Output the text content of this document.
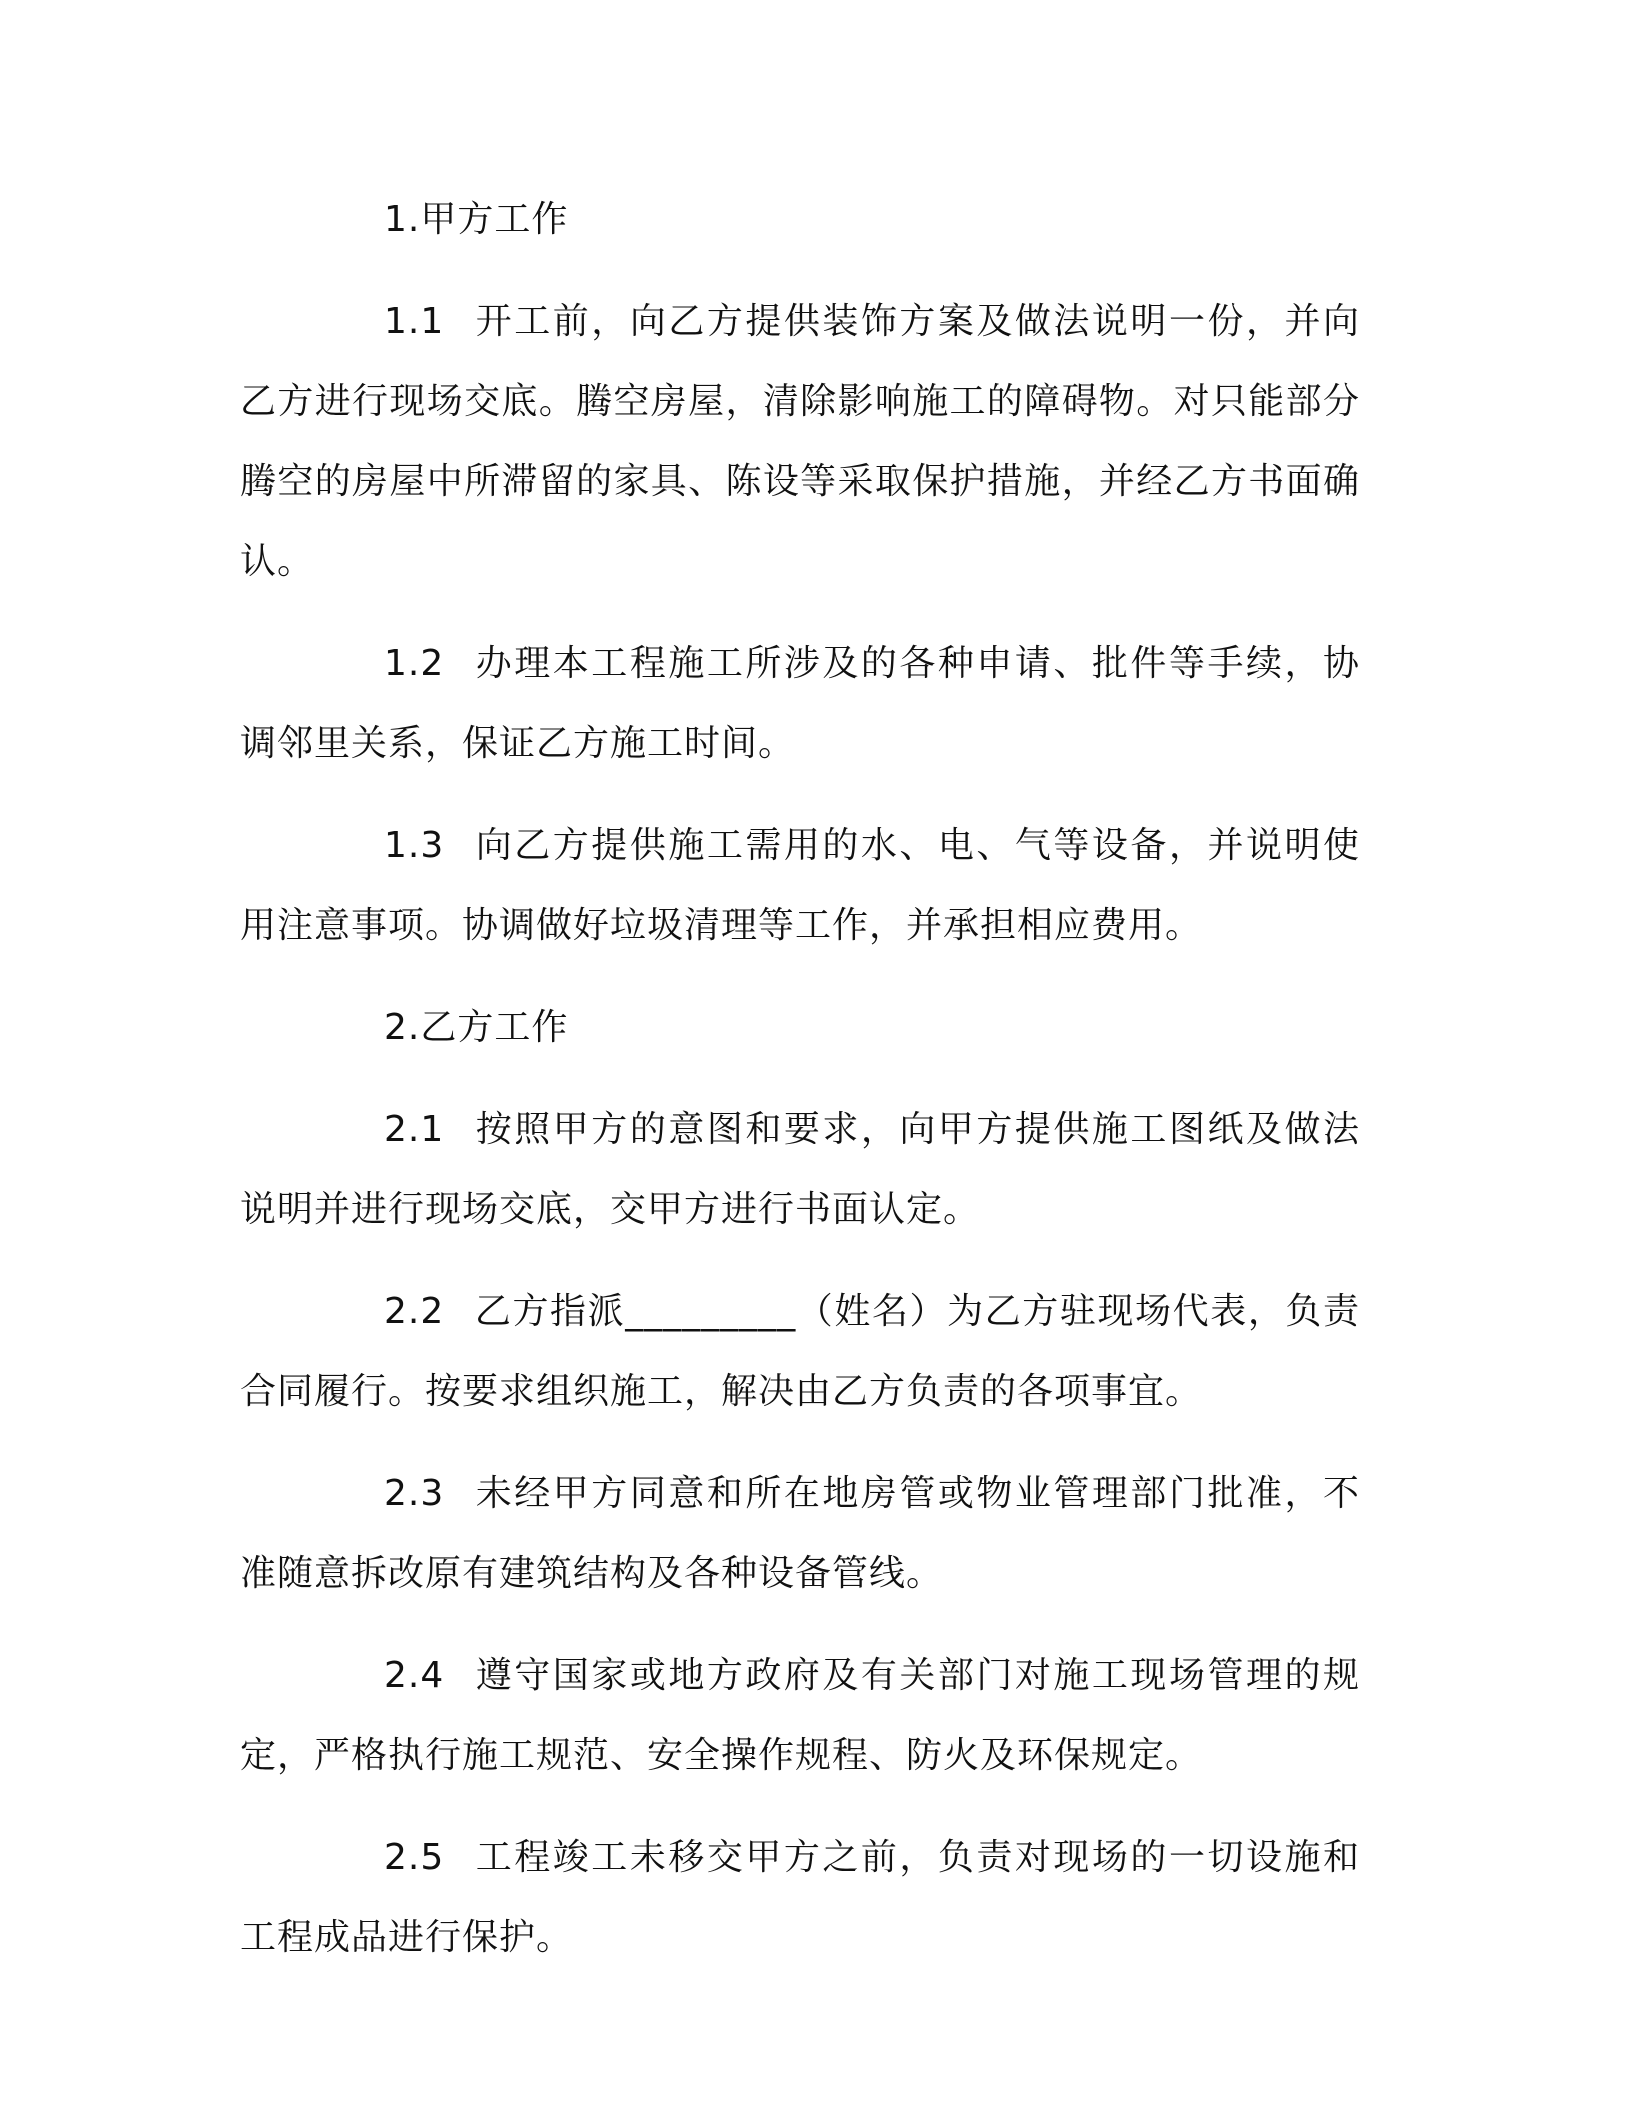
1.甲方工作

1.1 开工前，向乙方提供装饰方案及做法说明一份，并向乙方进行现场交底。腾空房屋，清除影响施工的障碍物。对只能部分腾空的房屋中所滞留的家具、陈设等采取保护措施，并经乙方书面确认。

1.2 办理本工程施工所涉及的各种申请、批件等手续，协调邻里关系，保证乙方施工时间。

1.3 向乙方提供施工需用的水、电、气等设备，并说明使用注意事项。协调做好垃圾清理等工作，并承担相应费用。

2.乙方工作

2.1 按照甲方的意图和要求，向甲方提供施工图纸及做法说明并进行现场交底，交甲方进行书面认定。

2.2 乙方指派_________（姓名）为乙方驻现场代表，负责合同履行。按要求组织施工，解决由乙方负责的各项事宜。

2.3 未经甲方同意和所在地房管或物业管理部门批准，不准随意拆改原有建筑结构及各种设备管线。

2.4 遵守国家或地方政府及有关部门对施工现场管理的规定，严格执行施工规范、安全操作规程、防火及环保规定。

2.5 工程竣工未移交甲方之前，负责对现场的一切设施和工程成品进行保护。
